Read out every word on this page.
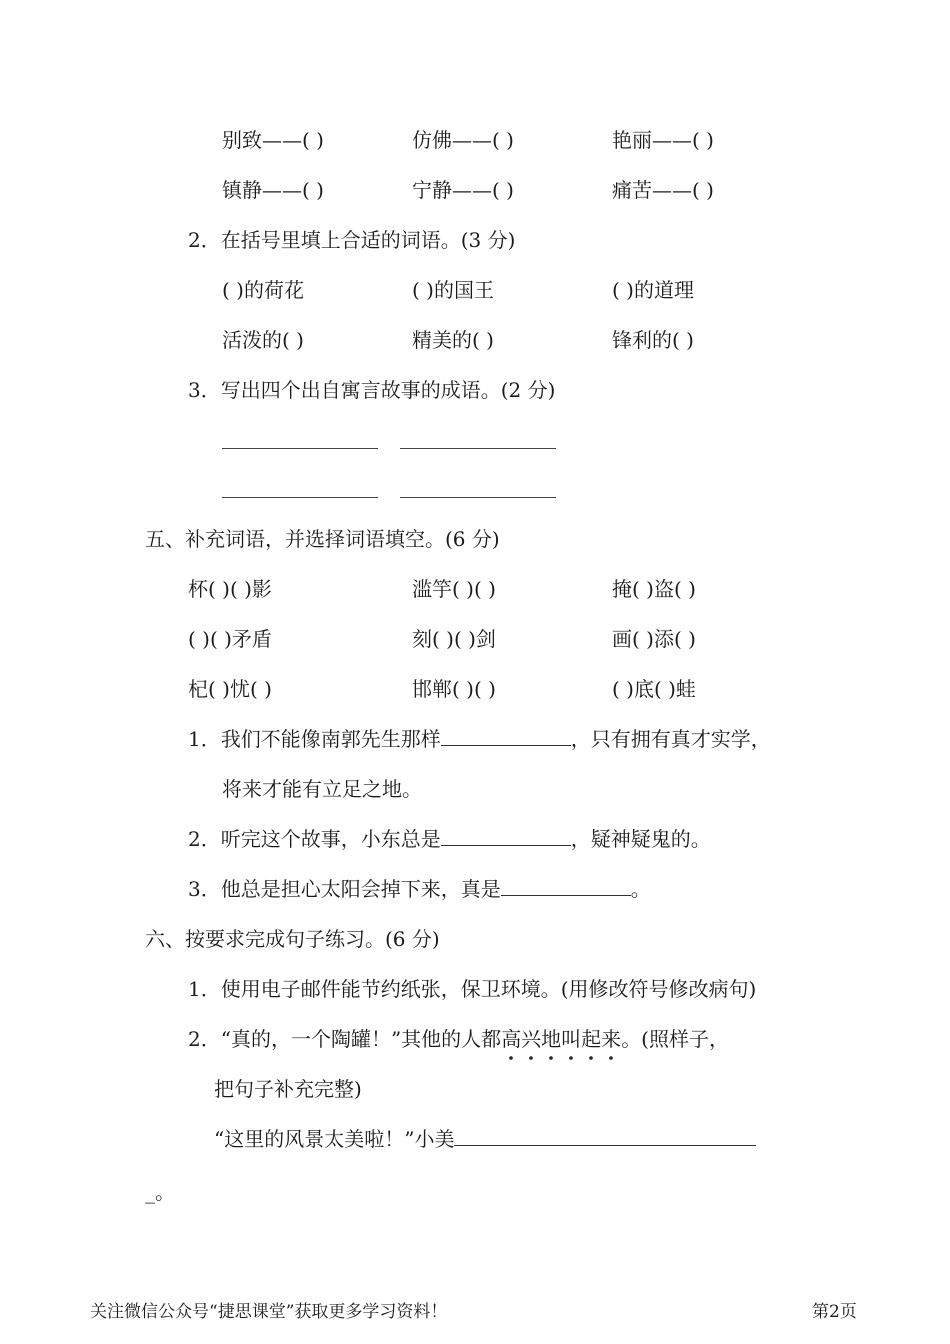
别致——( )	仿佛——( )	艳丽——( )
镇静——( )	宁静——( )	痛苦——( )
2．在括号里填上合适的词语。(3 分)
( )的荷花	( )的国王	( )的道理
活泼的( )	精美的( )	锋利的( )
3．写出四个出自寓言故事的成语。(2 分)
五、补充词语，并选择词语填空。(6 分)
杯( )( )影	滥竽( )( )	掩( )盗( )
( )( )矛盾	刻( )( )剑	画( )添( )
杞( )忧( )	邯郸( )( )	( )底( )蛙
1．我们不能像南郭先生那样	，只有拥有真才实学，
将来才能有立足之地。
2．听完这个故事，小东总是	，疑神疑鬼的。
3．他总是担心太阳会掉下来，真是	。
六、按要求完成句子练习。(6 分)
1．使用电子邮件能节约纸张，保卫环境。(用修改符号修改病句)
2．“真的，一个陶罐！”其他的人都高兴地叫起来
。(照样子，
把句子补充完整)
“这里的风景太美啦！”小美
_。
关注微信公众号“捷思课堂”获取更多学习资料！	第2页
